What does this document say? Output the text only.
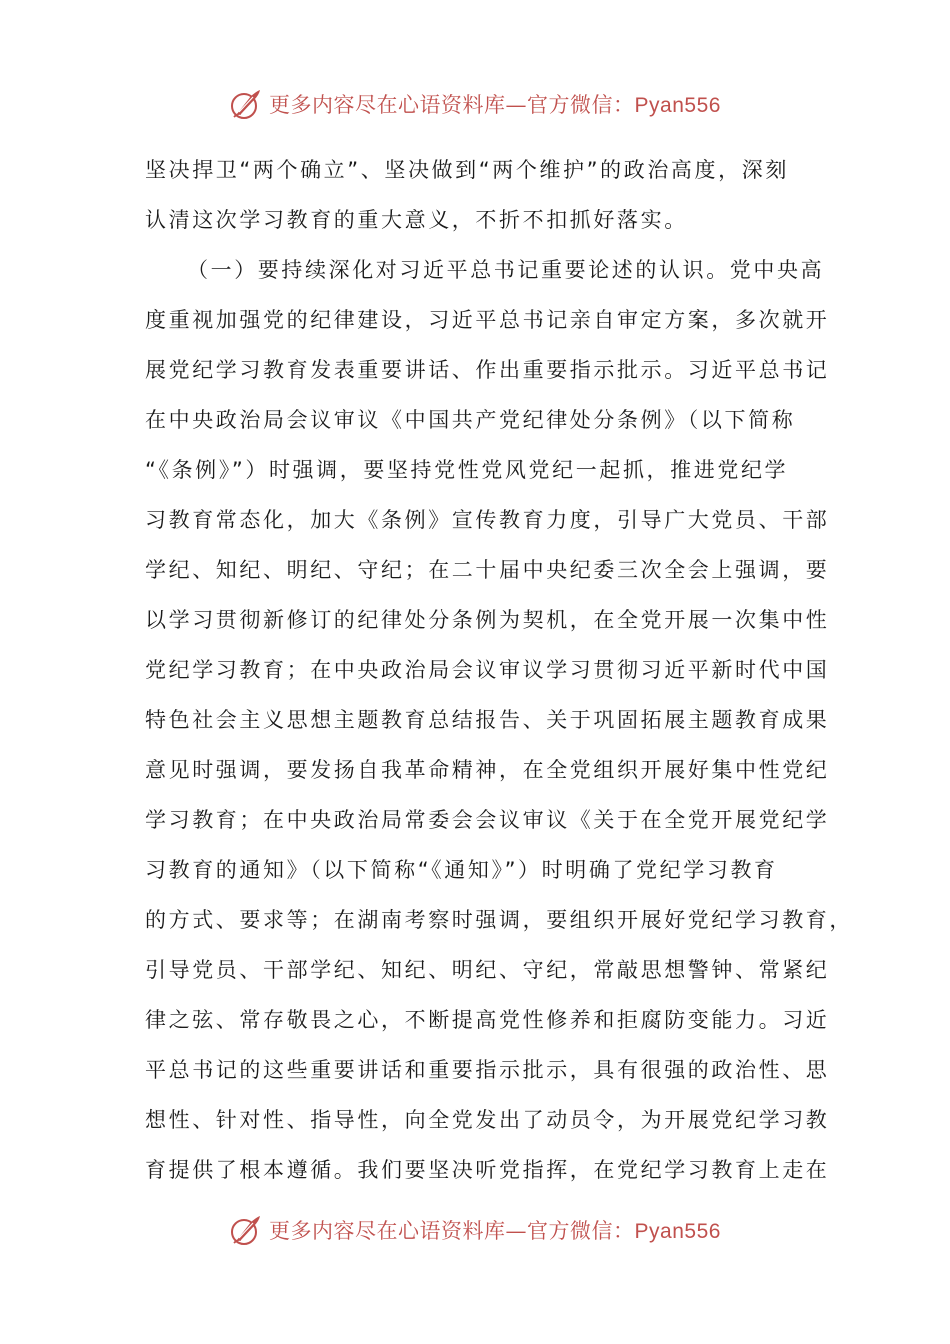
更多内容尽在心语资料库—官方微信：Pyan556
坚决捍卫“两个确立”、坚决做到“两个维护”的政治高度，深刻
认清这次学习教育的重大意义，不折不扣抓好落实。
（一）要持续深化对习近平总书记重要论述的认识。党中央高
度重视加强党的纪律建设，习近平总书记亲自审定方案，多次就开
展党纪学习教育发表重要讲话、作出重要指示批示。习近平总书记
在中央政治局会议审议《中国共产党纪律处分条例》（以下简称
“《条例》”）时强调，要坚持党性党风党纪一起抓，推进党纪学
习教育常态化，加大《条例》宣传教育力度，引导广大党员、干部
学纪、知纪、明纪、守纪；在二十届中央纪委三次全会上强调，要
以学习贯彻新修订的纪律处分条例为契机，在全党开展一次集中性
党纪学习教育；在中央政治局会议审议学习贯彻习近平新时代中国
特色社会主义思想主题教育总结报告、关于巩固拓展主题教育成果
意见时强调，要发扬自我革命精神，在全党组织开展好集中性党纪
学习教育；在中央政治局常委会会议审议《关于在全党开展党纪学
习教育的通知》（以下简称“《通知》”）时明确了党纪学习教育
的方式、要求等；在湖南考察时强调，要组织开展好党纪学习教育，
引导党员、干部学纪、知纪、明纪、守纪，常敲思想警钟、常紧纪
律之弦、常存敬畏之心，不断提高党性修养和拒腐防变能力。习近
平总书记的这些重要讲话和重要指示批示，具有很强的政治性、思
想性、针对性、指导性，向全党发出了动员令，为开展党纪学习教
育提供了根本遵循。我们要坚决听党指挥，在党纪学习教育上走在
更多内容尽在心语资料库—官方微信：Pyan556
